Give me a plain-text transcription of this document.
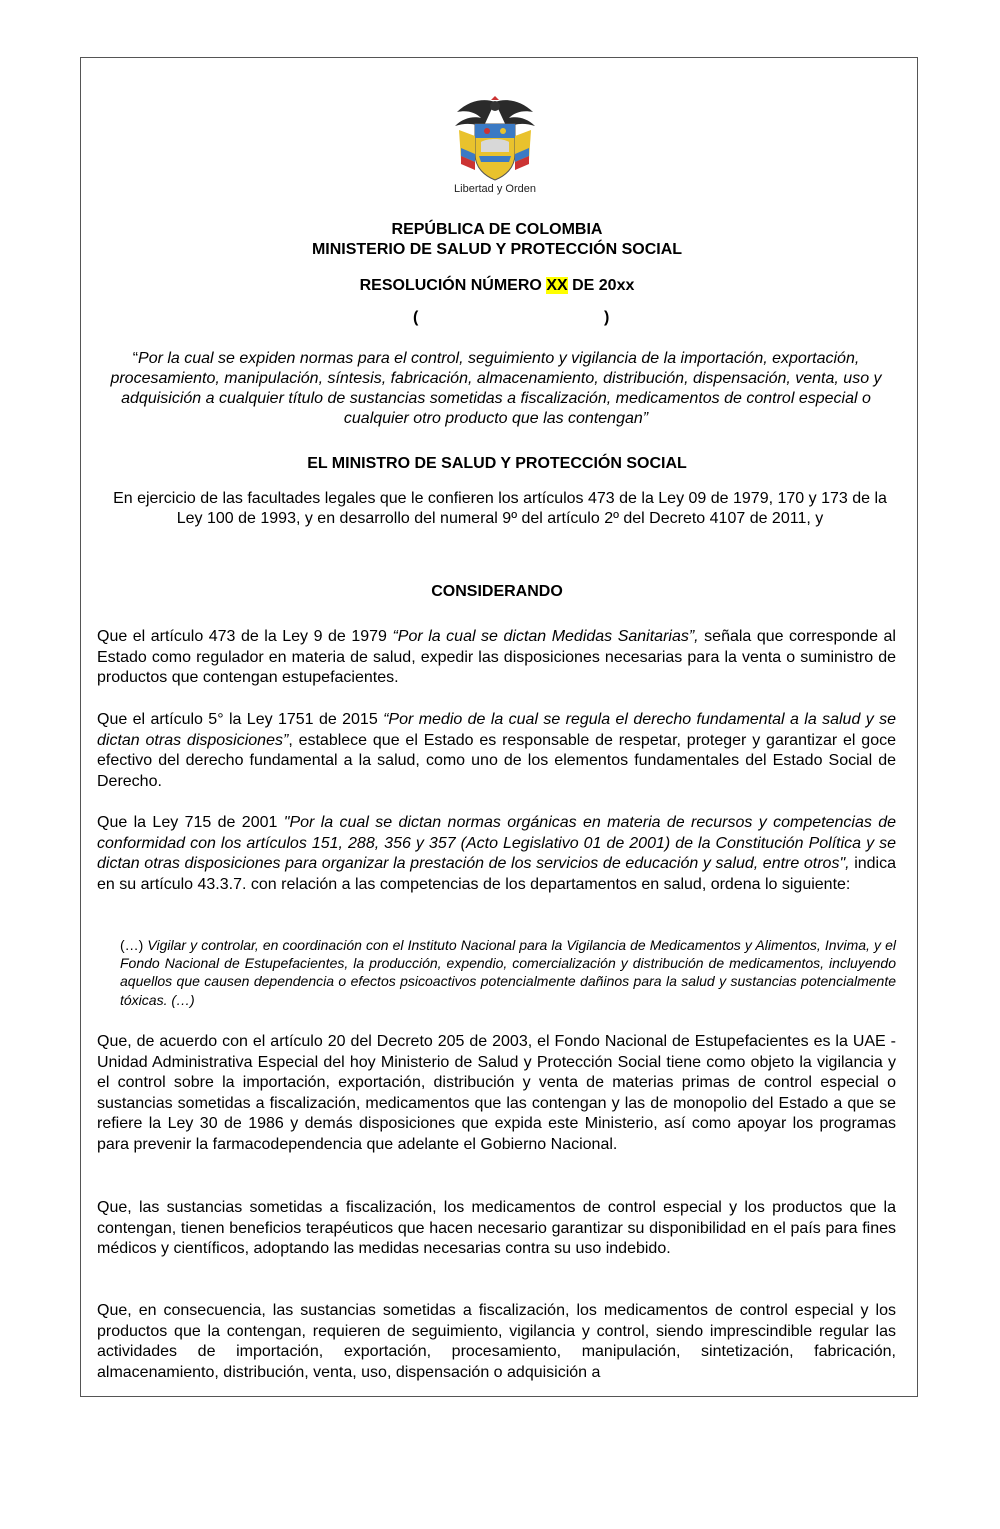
Libertad y Orden
REPÚBLICA DE COLOMBIA
MINISTERIO DE SALUD Y PROTECCIÓN SOCIAL
RESOLUCIÓN NÚMERO XX DE 20xx
(	)
“Por la cual se expiden normas para el control, seguimiento y vigilancia de la importación, exportación, procesamiento, manipulación, síntesis, fabricación, almacenamiento, distribución, dispensación, venta, uso y adquisición a cualquier título de sustancias sometidas a fiscalización, medicamentos de control especial o cualquier otro producto que las contengan”
EL MINISTRO DE SALUD Y PROTECCIÓN SOCIAL
En ejercicio de las facultades legales que le confieren los artículos 473 de la Ley 09 de 1979, 170 y 173 de la Ley 100 de 1993, y en desarrollo del numeral 9º del artículo 2º del Decreto 4107 de 2011, y
CONSIDERANDO
Que el artículo 473 de la Ley 9 de 1979 “Por la cual se dictan Medidas Sanitarias”, señala que corresponde al Estado como regulador en materia de salud, expedir las disposiciones necesarias para la venta o suministro de productos que contengan estupefacientes.
Que el artículo 5° la Ley 1751 de 2015 “Por medio de la cual se regula el derecho fundamental a la salud y se dictan otras disposiciones”, establece que el Estado es responsable de respetar, proteger y garantizar el goce efectivo del derecho fundamental a la salud, como uno de los elementos fundamentales del Estado Social de Derecho.
Que la Ley 715 de 2001 "Por la cual se dictan normas orgánicas en materia de recursos y competencias de conformidad con los artículos 151, 288, 356 y 357 (Acto Legislativo 01 de 2001) de la Constitución Política y se dictan otras disposiciones para organizar la prestación de los servicios de educación y salud, entre otros", indica en su artículo 43.3.7. con relación a las competencias de los departamentos en salud, ordena lo siguiente:
(…) Vigilar y controlar, en coordinación con el Instituto Nacional para la Vigilancia de Medicamentos y Alimentos, Invima, y el Fondo Nacional de Estupefacientes, la producción, expendio, comercialización y distribución de medicamentos, incluyendo aquellos que causen dependencia o efectos psicoactivos potencialmente dañinos para la salud y sustancias potencialmente tóxicas. (…)
Que, de acuerdo con el artículo 20 del Decreto 205 de 2003, el Fondo Nacional de Estupefacientes es la UAE - Unidad Administrativa Especial del hoy Ministerio de Salud y Protección Social tiene como objeto la vigilancia y el control sobre la importación, exportación, distribución y venta de materias primas de control especial o sustancias sometidas a fiscalización, medicamentos que las contengan y las de monopolio del Estado a que se refiere la Ley 30 de 1986 y demás disposiciones que expida este Ministerio, así como apoyar los programas para prevenir la farmacodependencia que adelante el Gobierno Nacional.
Que, las sustancias sometidas a fiscalización, los medicamentos de control especial y los productos que la contengan, tienen beneficios terapéuticos que hacen necesario garantizar su disponibilidad en el país para fines médicos y científicos, adoptando las medidas necesarias contra su uso indebido.
Que, en consecuencia, las sustancias sometidas a fiscalización, los medicamentos de control especial y los productos que la contengan, requieren de seguimiento, vigilancia y control, siendo imprescindible regular las actividades de importación, exportación, procesamiento, manipulación, sintetización, fabricación, almacenamiento, distribución, venta, uso, dispensación o adquisición a
